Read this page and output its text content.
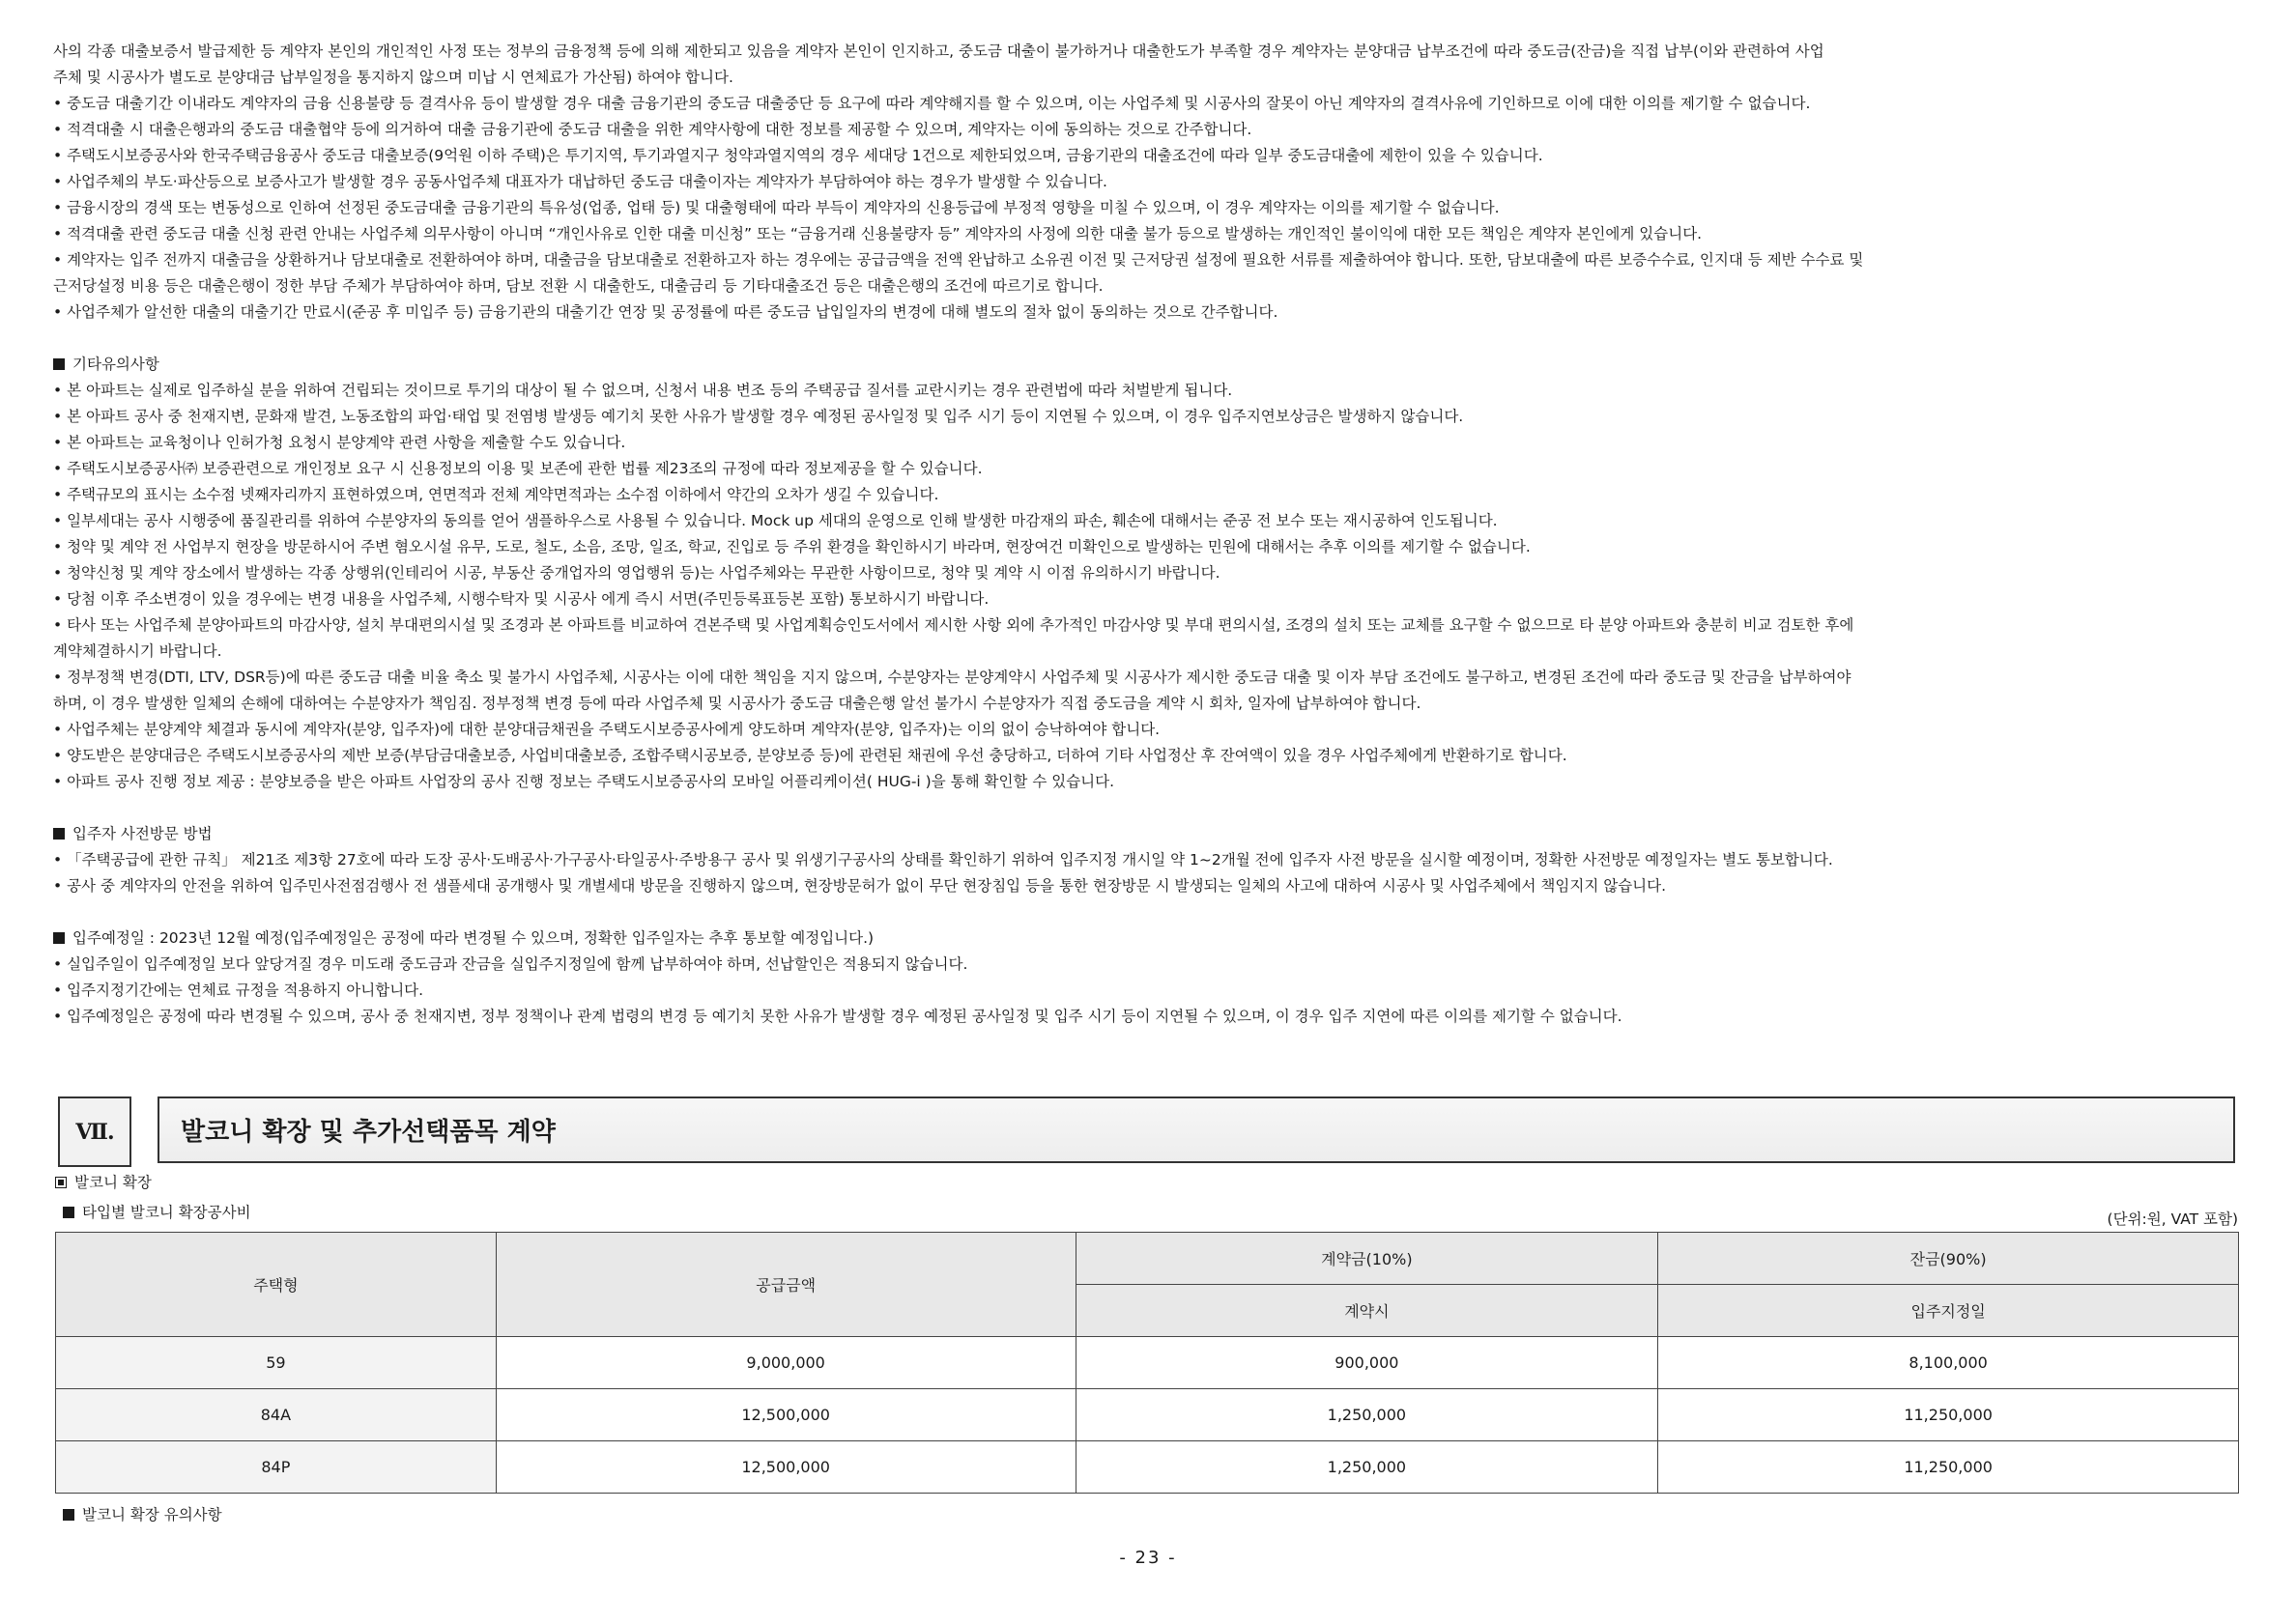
사의 각종 대출보증서 발급제한 등 계약자 본인의 개인적인 사정 또는 정부의 금융정책 등에 의해 제한되고 있음을 계약자 본인이 인지하고, 중도금 대출이 불가하거나 대출한도가 부족할 경우 계약자는 분양대금 납부조건에 따라 중도금(잔금)을 직접 납부(이와 관련하여 사업
주체 및 시공사가 별도로 분양대금 납부일정을 통지하지 않으며 미납 시 연체료가 가산됨) 하여야 합니다.
• 중도금 대출기간 이내라도 계약자의 금융 신용불량 등 결격사유 등이 발생할 경우 대출 금융기관의 중도금 대출중단 등 요구에 따라 계약해지를 할 수 있으며, 이는 사업주체 및 시공사의 잘못이 아닌 계약자의 결격사유에 기인하므로 이에 대한 이의를 제기할 수 없습니다.
• 적격대출 시 대출은행과의 중도금 대출협약 등에 의거하여 대출 금융기관에 중도금 대출을 위한 계약사항에 대한 정보를 제공할 수 있으며, 계약자는 이에 동의하는 것으로 간주합니다.
• 주택도시보증공사와 한국주택금융공사 중도금 대출보증(9억원 이하 주택)은 투기지역, 투기과열지구 청약과열지역의 경우 세대당 1건으로 제한되었으며, 금융기관의 대출조건에 따라 일부 중도금대출에 제한이 있을 수 있습니다.
• 사업주체의 부도·파산등으로 보증사고가 발생할 경우 공동사업주체 대표자가 대납하던 중도금 대출이자는 계약자가 부담하여야 하는 경우가 발생할 수 있습니다.
• 금융시장의 경색 또는 변동성으로 인하여 선정된 중도금대출 금융기관의 특유성(업종, 업태 등) 및 대출형태에 따라 부득이 계약자의 신용등급에 부정적 영향을 미칠 수 있으며, 이 경우 계약자는 이의를 제기할 수 없습니다.
• 적격대출 관련 중도금 대출 신청 관련 안내는 사업주체 의무사항이 아니며 “개인사유로 인한 대출 미신청” 또는 “금융거래 신용불량자 등” 계약자의 사정에 의한 대출 불가 등으로 발생하는 개인적인 불이익에 대한 모든 책임은 계약자 본인에게 있습니다.
• 계약자는 입주 전까지 대출금을 상환하거나 담보대출로 전환하여야 하며, 대출금을 담보대출로 전환하고자 하는 경우에는 공급금액을 전액 완납하고 소유권 이전 및 근저당권 설정에 필요한 서류를 제출하여야 합니다. 또한, 담보대출에 따른 보증수수료, 인지대 등 제반 수수료 및
근저당설정 비용 등은 대출은행이 정한 부담 주체가 부담하여야 하며, 담보 전환 시 대출한도, 대출금리 등 기타대출조건 등은 대출은행의 조건에 따르기로 합니다.
• 사업주체가 알선한 대출의 대출기간 만료시(준공 후 미입주 등) 금융기관의 대출기간 연장 및 공정률에 따른 중도금 납입일자의 변경에 대해 별도의 절차 없이 동의하는 것으로 간주합니다.
기타유의사항
• 본 아파트는 실제로 입주하실 분을 위하여 건립되는 것이므로 투기의 대상이 될 수 없으며, 신청서 내용 변조 등의 주택공급 질서를 교란시키는 경우 관련법에 따라 처벌받게 됩니다.
• 본 아파트 공사 중 천재지변, 문화재 발견, 노동조합의 파업·태업 및 전염병 발생등 예기치 못한 사유가 발생할 경우 예정된 공사일정 및 입주 시기 등이 지연될 수 있으며, 이 경우 입주지연보상금은 발생하지 않습니다.
• 본 아파트는 교육청이나 인허가청 요청시 분양계약 관련 사항을 제출할 수도 있습니다.
• 주택도시보증공사㈜ 보증관련으로 개인정보 요구 시 신용정보의 이용 및 보존에 관한 법률 제23조의 규정에 따라 정보제공을 할 수 있습니다.
• 주택규모의 표시는 소수점 넷째자리까지 표현하였으며, 연면적과 전체 계약면적과는 소수점 이하에서 약간의 오차가 생길 수 있습니다.
• 일부세대는 공사 시행중에 품질관리를 위하여 수분양자의 동의를 얻어 샘플하우스로 사용될 수 있습니다. Mock up 세대의 운영으로 인해 발생한 마감재의 파손, 훼손에 대해서는 준공 전 보수 또는 재시공하여 인도됩니다.
• 청약 및 계약 전 사업부지 현장을 방문하시어 주변 혐오시설 유무, 도로, 철도, 소음, 조망, 일조, 학교, 진입로 등 주위 환경을 확인하시기 바라며, 현장여건 미확인으로 발생하는 민원에 대해서는 추후 이의를 제기할 수 없습니다.
• 청약신청 및 계약 장소에서 발생하는 각종 상행위(인테리어 시공, 부동산 중개업자의 영업행위 등)는 사업주체와는 무관한 사항이므로, 청약 및 계약 시 이점 유의하시기 바랍니다.
• 당첨 이후 주소변경이 있을 경우에는 변경 내용을 사업주체, 시행수탁자 및 시공사 에게 즉시 서면(주민등록표등본 포함) 통보하시기 바랍니다.
• 타사 또는 사업주체 분양아파트의 마감사양, 설치 부대편의시설 및 조경과 본 아파트를 비교하여 견본주택 및 사업계획승인도서에서 제시한 사항 외에 추가적인 마감사양 및 부대 편의시설, 조경의 설치 또는 교체를 요구할 수 없으므로 타 분양 아파트와 충분히 비교 검토한 후에
계약체결하시기 바랍니다.
• 정부정책 변경(DTI, LTV, DSR등)에 따른 중도금 대출 비율 축소 및 불가시 사업주체, 시공사는 이에 대한 책임을 지지 않으며, 수분양자는 분양계약시 사업주체 및 시공사가 제시한 중도금 대출 및 이자 부담 조건에도 불구하고, 변경된 조건에 따라 중도금 및 잔금을 납부하여야
하며, 이 경우 발생한 일체의 손해에 대하여는 수분양자가 책임짐. 정부정책 변경 등에 따라 사업주체 및 시공사가 중도금 대출은행 알선 불가시 수분양자가 직접 중도금을 계약 시 회차, 일자에 납부하여야 합니다.
• 사업주체는 분양계약 체결과 동시에 계약자(분양, 입주자)에 대한 분양대금채권을 주택도시보증공사에게 양도하며 계약자(분양, 입주자)는 이의 없이 승낙하여야 합니다.
• 양도받은 분양대금은 주택도시보증공사의 제반 보증(부담금대출보증, 사업비대출보증, 조합주택시공보증, 분양보증 등)에 관련된 채권에 우선 충당하고, 더하여 기타 사업정산 후 잔여액이 있을 경우 사업주체에게 반환하기로 합니다.
• 아파트 공사 진행 정보 제공 : 분양보증을 받은 아파트 사업장의 공사 진행 정보는 주택도시보증공사의 모바일 어플리케이션( HUG-i )을 통해 확인할 수 있습니다.
입주자 사전방문 방법
• 「주택공급에 관한 규칙」 제21조 제3항 27호에 따라 도장 공사·도배공사·가구공사·타일공사·주방용구 공사 및 위생기구공사의 상태를 확인하기 위하여 입주지정 개시일 약 1~2개월 전에 입주자 사전 방문을 실시할 예정이며, 정확한 사전방문 예정일자는 별도 통보합니다.
• 공사 중 계약자의 안전을 위하여 입주민사전점검행사 전 샘플세대 공개행사 및 개별세대 방문을 진행하지 않으며, 현장방문허가 없이 무단 현장침입 등을 통한 현장방문 시 발생되는 일체의 사고에 대하여 시공사 및 사업주체에서 책임지지 않습니다.
입주예정일 : 2023년 12월 예정(입주예정일은 공정에 따라 변경될 수 있으며, 정확한 입주일자는 추후 통보할 예정입니다.)
• 실입주일이 입주예정일 보다 앞당겨질 경우 미도래 중도금과 잔금을 실입주지정일에 함께 납부하여야 하며, 선납할인은 적용되지 않습니다.
• 입주지정기간에는 연체료 규정을 적용하지 아니합니다.
• 입주예정일은 공정에 따라 변경될 수 있으며, 공사 중 천재지변, 정부 정책이나 관계 법령의 변경 등 예기치 못한 사유가 발생할 경우 예정된 공사일정 및 입주 시기 등이 지연될 수 있으며, 이 경우 입주 지연에 따른 이의를 제기할 수 없습니다.
Ⅶ.	발코니 확장 및 추가선택품목 계약
발코니 확장
타입별 발코니 확장공사비	(단위:원, VAT 포함)
주택형	공급금액	계약금(10%)	잔금(90%)
		계약시	입주지정일
59	9,000,000	900,000	8,100,000
84A	12,500,000	1,250,000	11,250,000
84P	12,500,000	1,250,000	11,250,000
발코니 확장 유의사항
- 23 -
